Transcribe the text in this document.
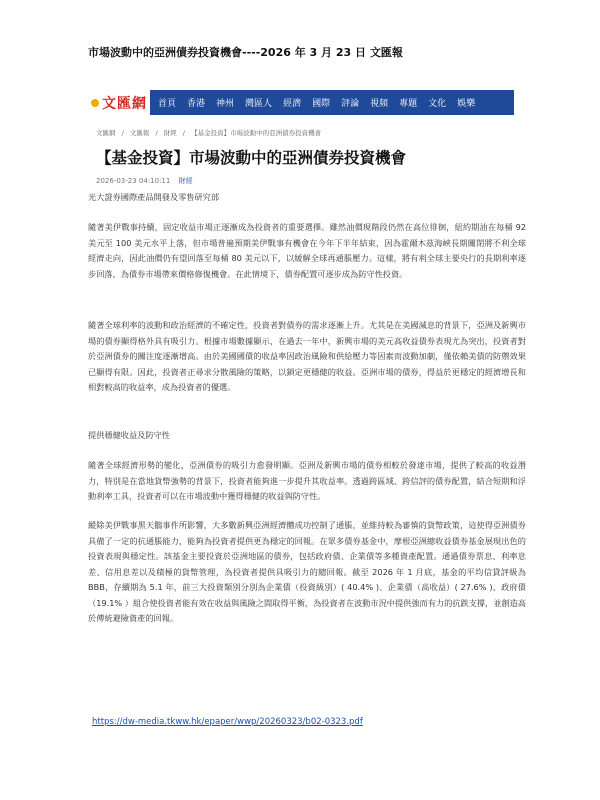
市場波動中的亞洲債券投資機會----2026 年 3 月 23 日 文匯報
文匯網 首頁 香港 神州 灣區人 經濟 國際 評論 視頻 專題 文化 娛樂
文匯網 / 文匯報 / 財經 / 【基金投資】市場波動中的亞洲債券投資機會
【基金投資】市場波動中的亞洲債券投資機會
2026-03-23 04:10:11 財經
光大證券國際產品開發及零售研究部
隨著美伊戰事持續，固定收益市場正逐漸成為投資者的重要選擇。雖然油價現階段仍然在高位徘徊，紐約期油在每桶 92 美元至 100 美元水平上落，但市場普遍預期美伊戰事有機會在今年下半年結束，因為霍爾木茲海峽長期關閉將不利全球經濟走向，因此油價仍有望回落至每桶 80 美元以下，以緩解全球再通脹壓力。這樣，將有利全球主要央行的長期利率逐步回落，為債券市場帶來價格修復機會。在此情境下，債券配置可逐步成為防守性投資。
隨著全球利率的波動和政治經濟的不確定性，投資者對債券的需求逐漸上升。尤其是在美國減息的背景下，亞洲及新興市場的債券顯得格外具有吸引力。根據市場數據顯示，在過去一年中，新興市場的美元高收益債券表現尤為突出，投資者對於亞洲債券的關注度逐漸增高。由於美國國債的收益率因政治風險和供給壓力等因素而波動加劇，僅依賴美債的防禦效果已顯得有限。因此，投資者正尋求分散風險的策略，以鎖定更穩健的收益。亞洲市場的債券，得益於更穩定的經濟增長和相對較高的收益率，成為投資者的優選。
提供穩健收益及防守性
隨著全球經濟形勢的變化，亞洲債券的吸引力愈發明顯。亞洲及新興市場的債券相較於發達市場，提供了較高的收益潛力，特別是在當地貨幣強勢的背景下，投資者能夠進一步提升其收益率。透過跨區域、跨信評的債券配置，結合短期和浮動利率工具，投資者可以在市場波動中獲得穩健的收益與防守性。
縱除美伊戰事黑天鵝事件所影響，大多數新興亞洲經濟體成功控制了通脹，並維持較為審慎的貨幣政策，這使得亞洲債券具備了一定的抗通脹能力，能夠為投資者提供更為穩定的回報。在眾多債券基金中，摩根亞洲總收益債券基金展現出色的投資表現與穩定性。該基金主要投資於亞洲地區的債券，包括政府債、企業債等多種資產配置。通過債券票息、利率息差、信用息差以及積極的貨幣管理，為投資者提供具吸引力的總回報。截至 2026 年 1 月底，基金的平均信貸評級為 BBB，存續期為 5.1 年，前三大投資類別分別為企業債（投資級別）( 40.4% )、企業債（高收益）( 27.6% )、政府債（19.1% ）組合使投資者能有效在收益與風險之間取得平衡，為投資者在波動市況中提供強而有力的抗跌支撐，並創造高於傳統避險資產的回報。
https://dw-media.tkww.hk/epaper/wwp/20260323/b02-0323.pdf
